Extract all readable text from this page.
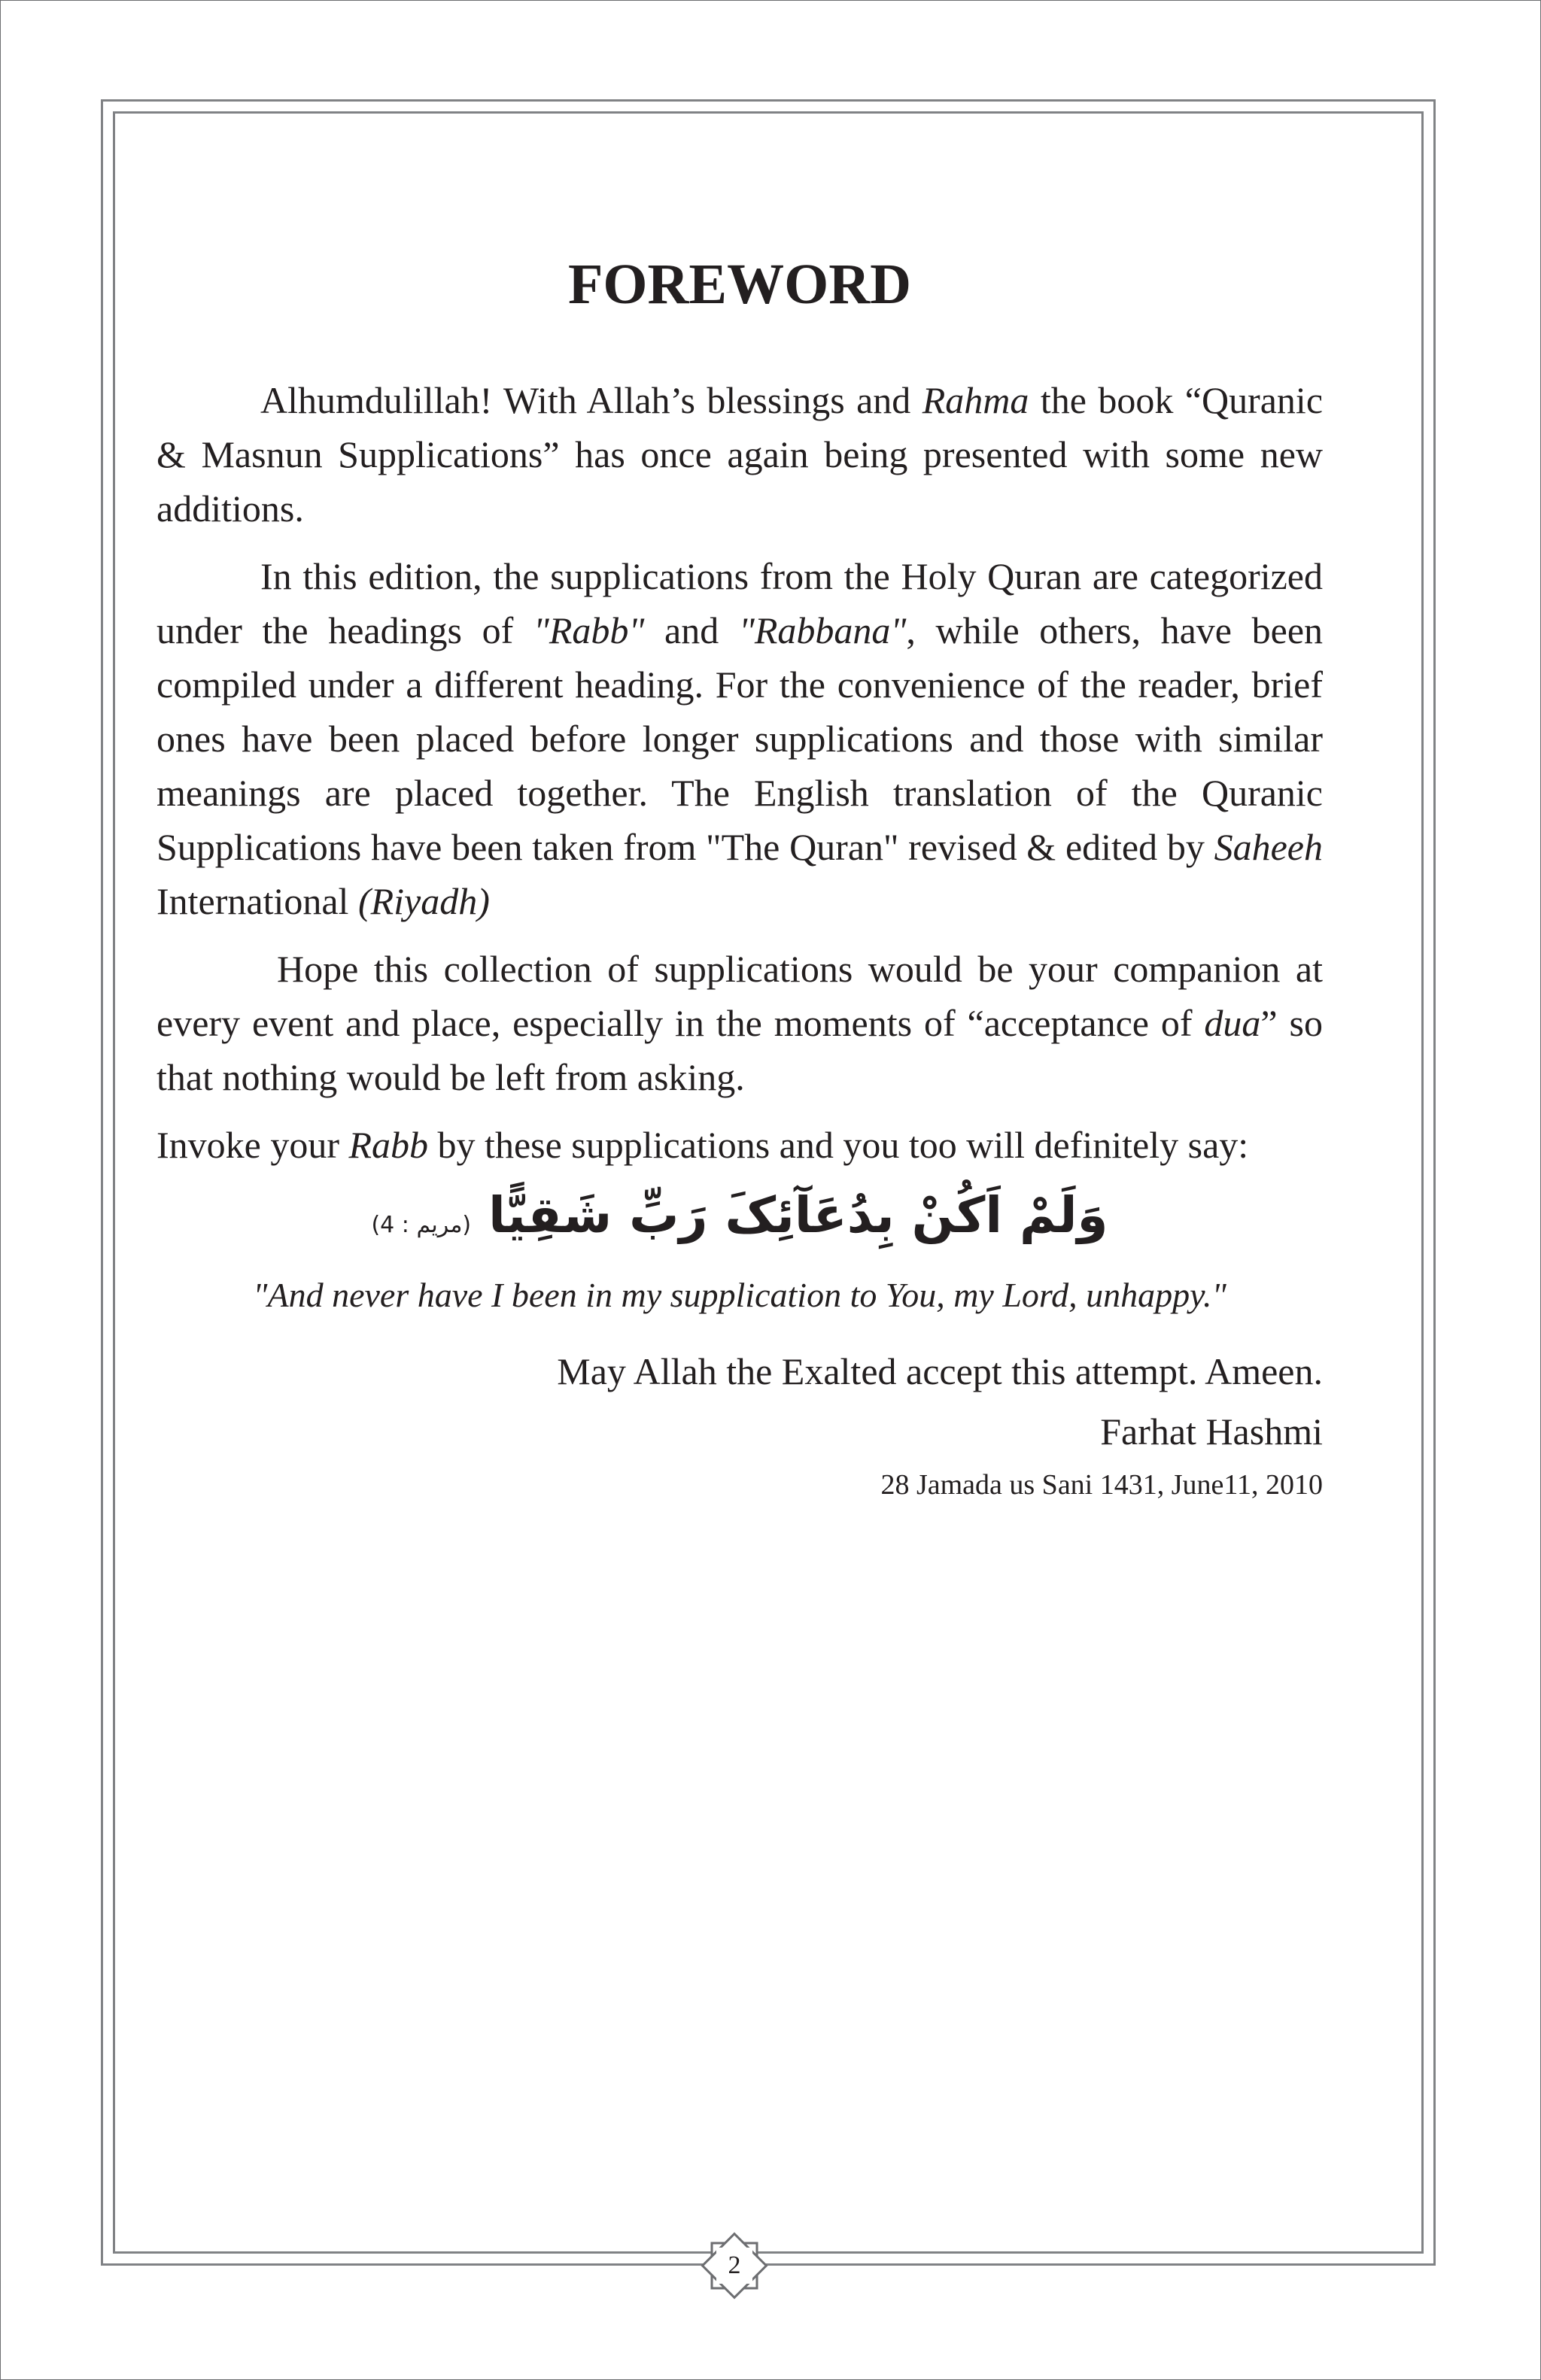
FOREWORD

Alhumdulillah! With Allah’s blessings and Rahma the book “Quranic & Masnun Supplications” has once again being presented with some new additions.

In this edition, the supplications from the Holy Quran are categorized under the headings of "Rabb" and "Rabbana", while others, have been compiled under a different heading. For the convenience of the reader, brief ones have been placed before longer supplications and those with similar meanings are placed together. The English translation of the Quranic Supplications have been taken from "The Quran" revised & edited by Saheeh International (Riyadh)

Hope this collection of supplications would be your companion at every event and place, especially in the moments of “acceptance of dua” so that nothing would be left from asking.

Invoke your Rabb by these supplications and you too will definitely say:

وَلَمْ اَكُنْ بِدُعَآئِکَ رَبِّ شَقِیًّا (مریم : 4)

"And never have I been in my supplication to You, my Lord, unhappy."

May Allah the Exalted accept this attempt. Ameen.

Farhat Hashmi

28 Jamada us Sani 1431, June11, 2010

2
